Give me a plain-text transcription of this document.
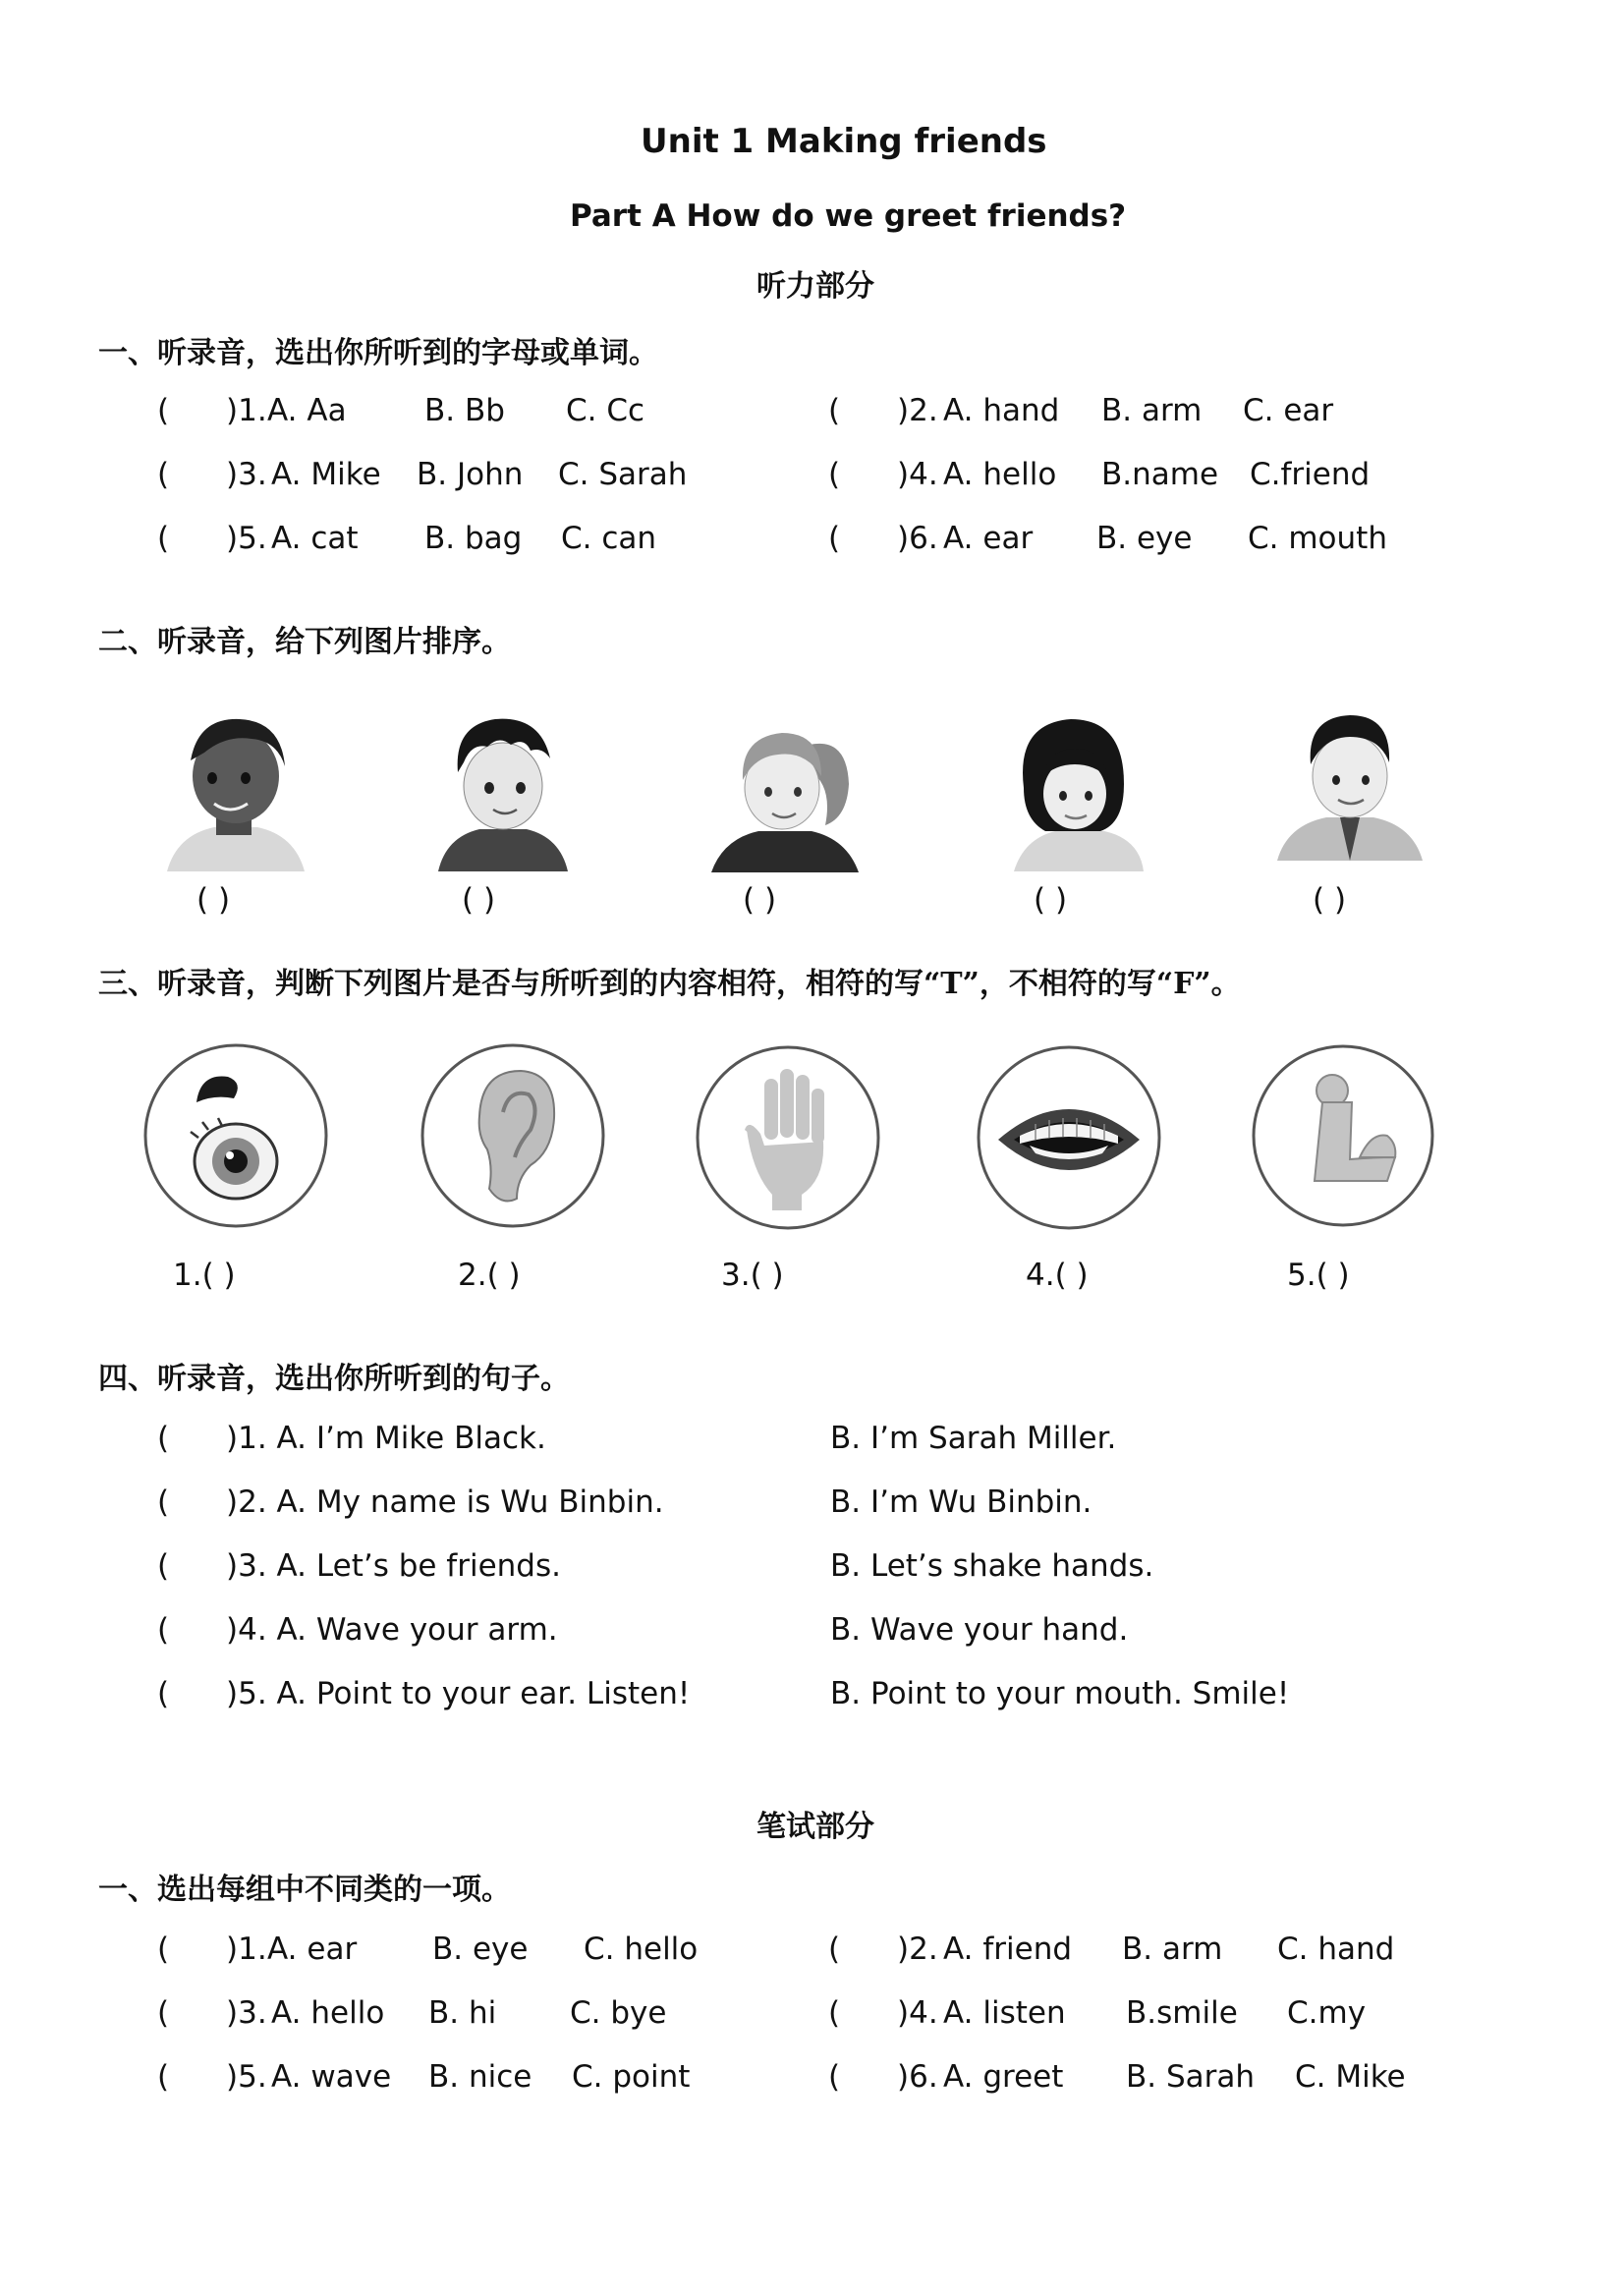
Unit 1 Making friends
Part A How do we greet friends?
听力部分
一、听录音，选出你所听到的字母或单词。
( )1. A. Aa	B. Bb C. Cc	( )2. A. hand B. arm C. ear
( )3. A. Mike B. John C. Sarah	( )4. A. hello B.name C.friend
( )5. A. cat B. bag C. can	( )6. A. ear B. eye C. mouth
二、听录音，给下列图片排序。
( )	( )	( )	( )	( )
三、听录音，判断下列图片是否与所听到的内容相符，相符的写“T”，不相符的写“F”。
1.( )	2.( )	3.( )	4.( )	5.( )
四、听录音，选出你所听到的句子。
( )1. A. I’m Mike Black.	B. I’m Sarah Miller.
( )2. A. My name is Wu Binbin.	B. I’m Wu Binbin.
( )3. A. Let’s be friends.	B. Let’s shake hands.
( )4. A. Wave your arm.	B. Wave your hand.
( )5. A. Point to your ear. Listen!	B. Point to your mouth. Smile!
笔试部分
一、选出每组中不同类的一项。
( )1. A. ear B. eye C. hello	( )2. A. friend B. arm C. hand
( )3. A. hello B. hi C. bye	( )4. A. listen B.smile C.my
( )5. A. wave B. nice C. point	( )6. A. greet B. Sarah C. Mike
